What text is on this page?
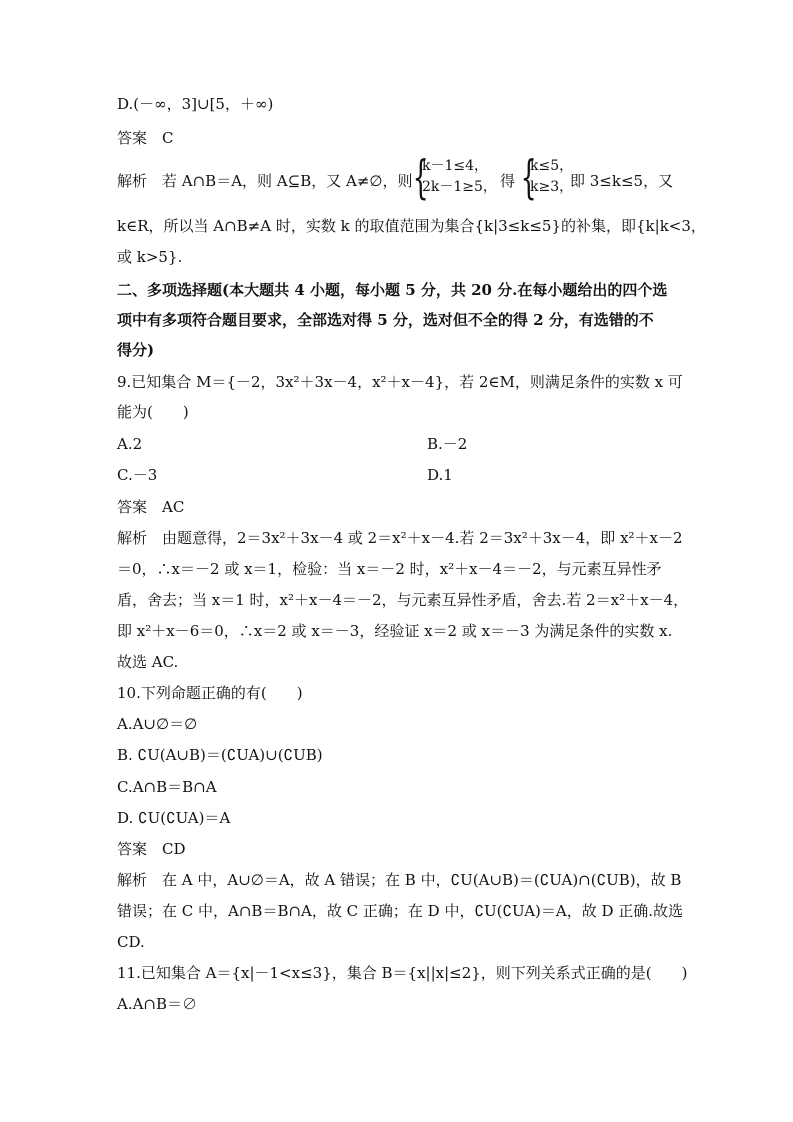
D.(－∞，3]∪[5，＋∞)
答案　C
解析　若 A∩B＝A，则 A⊆B，又 A≠∅，则 {
k－1≤4，
2k－1≥5， 得 {
k≤5，
k≥3，
即 3≤k≤5，又
k∈R，所以当 A∩B≠A 时，实数 k 的取值范围为集合{k|3≤k≤5}的补集，即{k|k<3，
或 k>5}.
二、多项选择题(本大题共 4 小题，每小题 5 分，共 20 分.在每小题给出的四个选
项中有多项符合题目要求，全部选对得 5 分，选对但不全的得 2 分，有选错的不
得分)
9.已知集合 M＝{－2，3x²＋3x－4，x²＋x－4}，若 2∈M，则满足条件的实数 x 可
能为(　　)
A.2	B.－2
C.－3	D.1
答案　AC
解析　由题意得，2＝3x²＋3x－4 或 2＝x²＋x－4.若 2＝3x²＋3x－4，即 x²＋x－2
＝0，∴x＝－2 或 x＝1，检验：当 x＝－2 时，x²＋x－4＝－2，与元素互异性矛
盾，舍去；当 x＝1 时，x²＋x－4＝－2，与元素互异性矛盾，舍去.若 2＝x²＋x－4，
即 x²＋x－6＝0，∴x＝2 或 x＝－3，经验证 x＝2 或 x＝－3 为满足条件的实数 x.
故选 AC.
10.下列命题正确的有(　　)
A.A∪∅＝∅
B. ∁U(A∪B)＝(∁UA)∪(∁UB)
C.A∩B＝B∩A
D. ∁U(∁UA)＝A
答案　CD
解析　在 A 中，A∪∅＝A，故 A 错误；在 B 中，∁U(A∪B)＝(∁UA)∩(∁UB)，故 B
错误；在 C 中，A∩B＝B∩A，故 C 正确；在 D 中，∁U(∁UA)＝A，故 D 正确.故选
CD.
11.已知集合 A＝{x|－1<x≤3}，集合 B＝{x||x|≤2}，则下列关系式正确的是(　　)
A.A∩B＝∅
